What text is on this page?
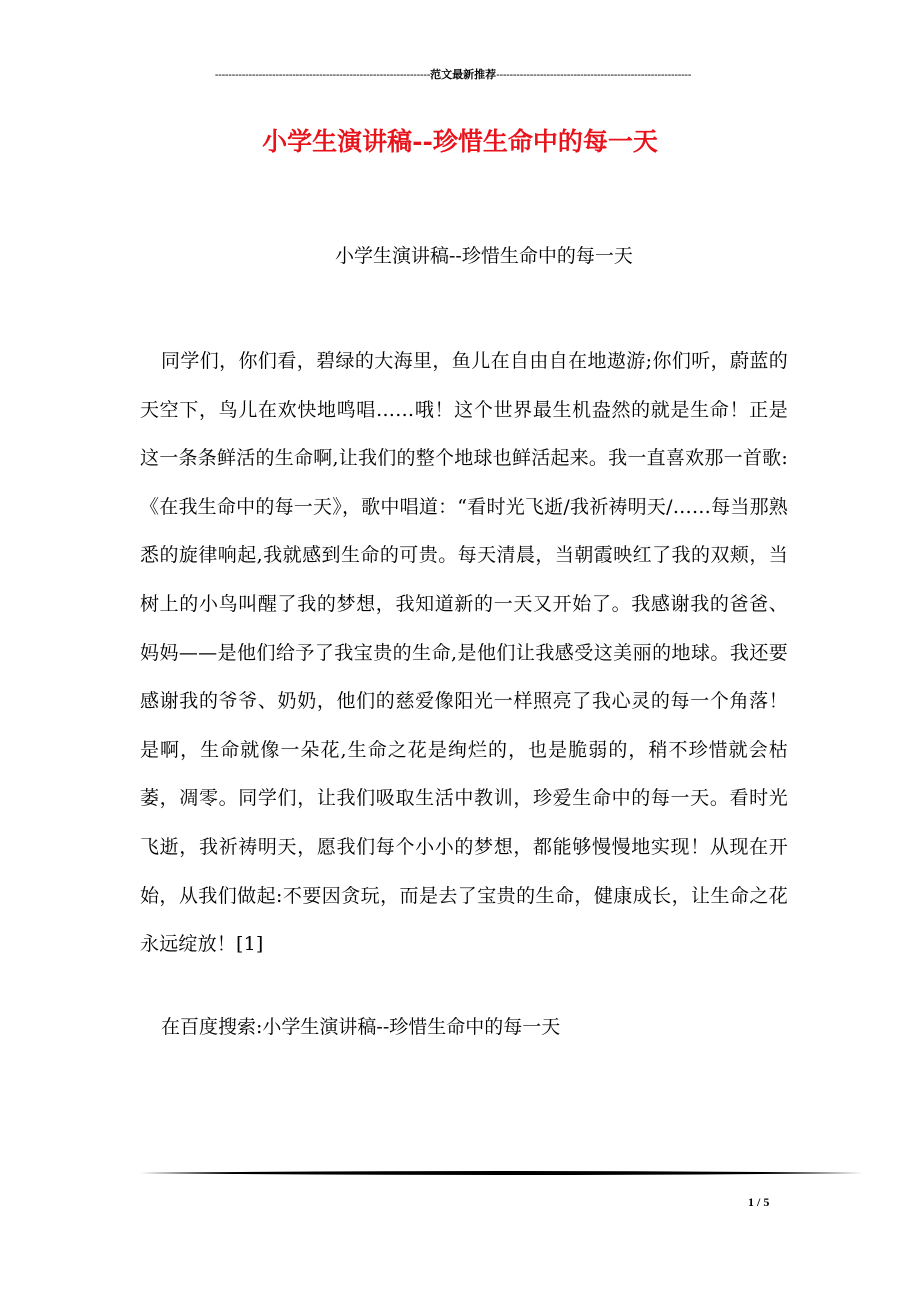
----------------------------------------------------------------范文最新推荐----------------------------------------------------------
小学生演讲稿--珍惜生命中的每一天
小学生演讲稿--珍惜生命中的每一天

同学们，你们看，碧绿的大海里，鱼儿在自由自在地遨游;你们听，蔚蓝的天空下，鸟儿在欢快地鸣唱……哦！这个世界最生机盎然的就是生命！正是这一条条鲜活的生命啊,让我们的整个地球也鲜活起来。我一直喜欢那一首歌:《在我生命中的每一天》，歌中唱道：“看时光飞逝/我祈祷明天/……每当那熟悉的旋律响起,我就感到生命的可贵。每天清晨，当朝霞映红了我的双颊，当树上的小鸟叫醒了我的梦想，我知道新的一天又开始了。我感谢我的爸爸、妈妈——是他们给予了我宝贵的生命,是他们让我感受这美丽的地球。我还要感谢我的爷爷、奶奶，他们的慈爱像阳光一样照亮了我心灵的每一个角落！是啊，生命就像一朵花,生命之花是绚烂的，也是脆弱的，稍不珍惜就会枯萎，凋零。同学们，让我们吸取生活中教训，珍爱生命中的每一天。看时光飞逝，我祈祷明天，愿我们每个小小的梦想，都能够慢慢地实现！从现在开始，从我们做起:不要因贪玩，而是去了宝贵的生命，健康成长，让生命之花永远绽放！[1]

在百度搜索:小学生演讲稿--珍惜生命中的每一天
1 / 5
